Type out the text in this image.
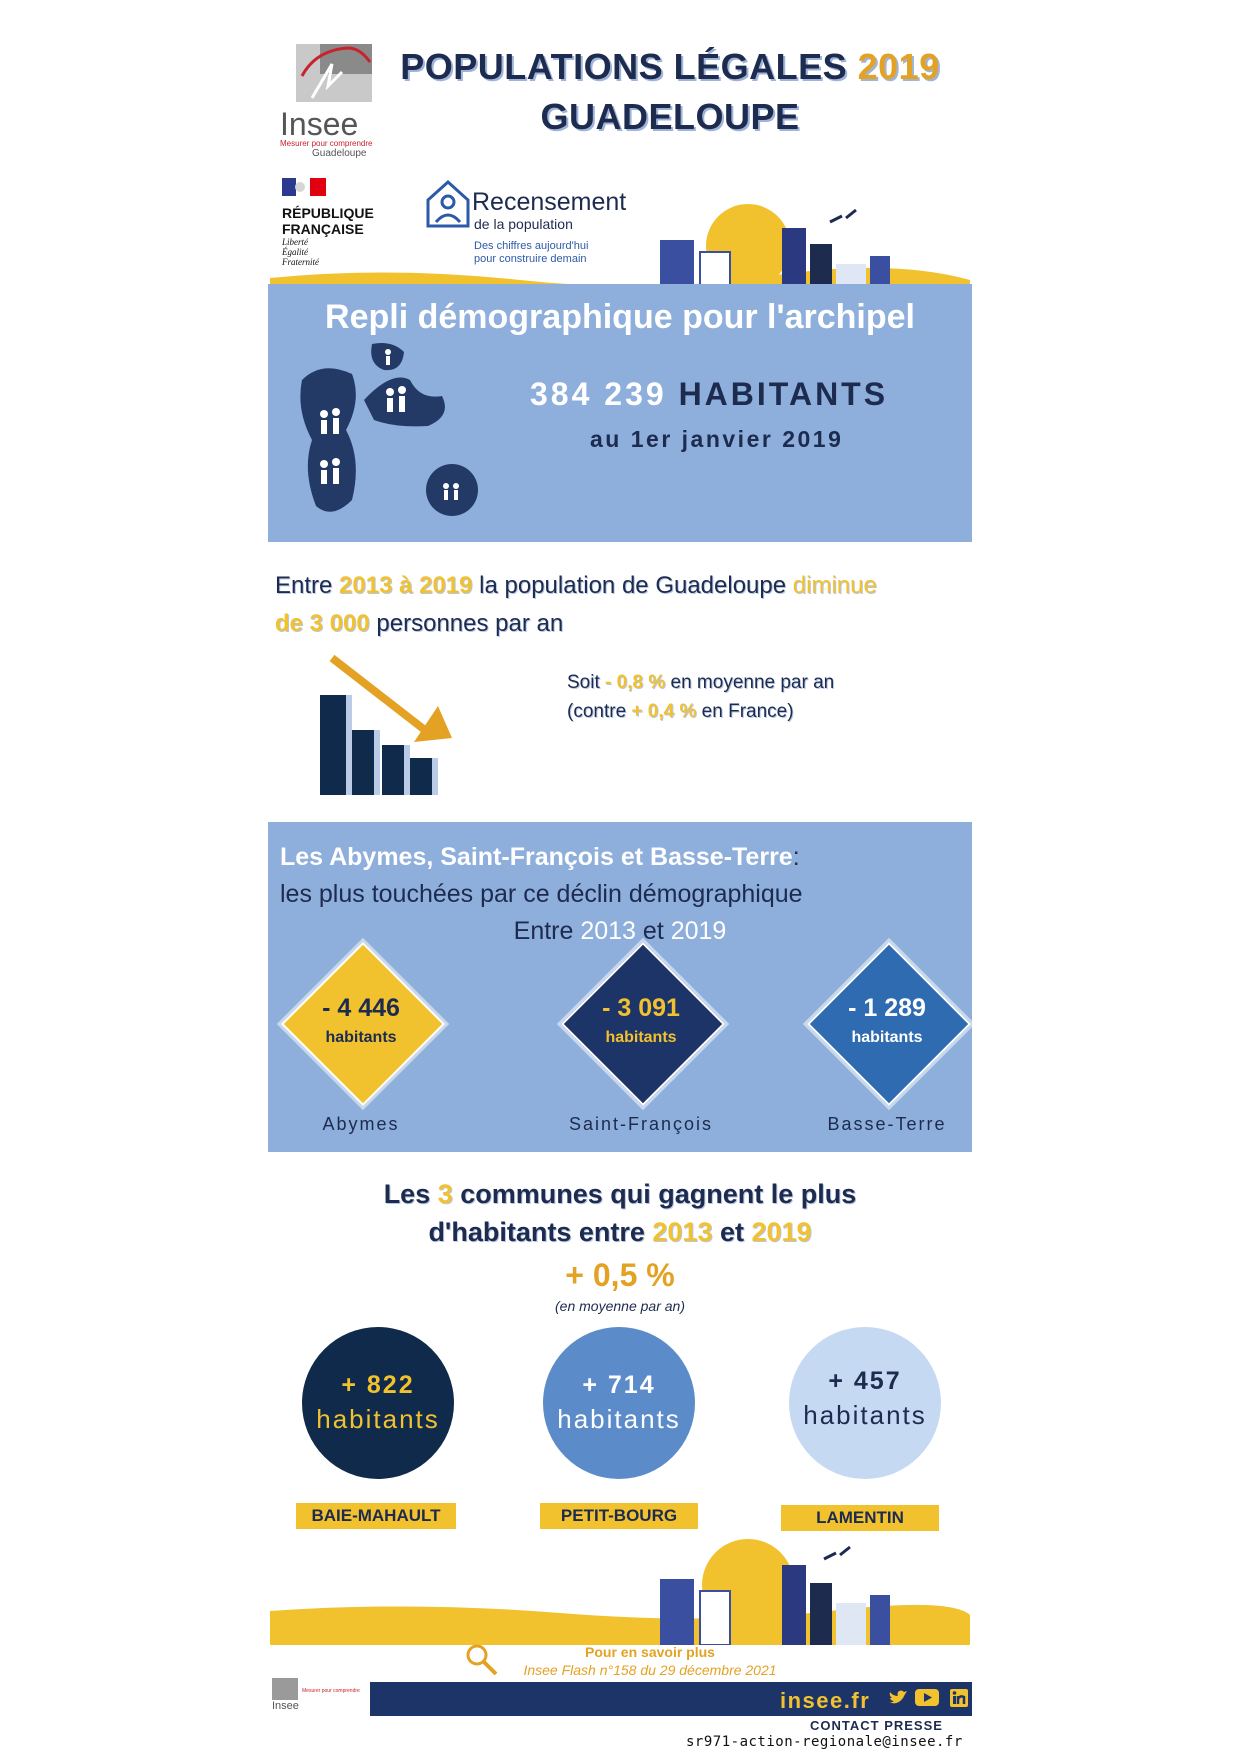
Insee
Mesurer pour comprendre
Guadeloupe
POPULATIONS LÉGALES 2019
GUADELOUPE
RÉPUBLIQUE
FRANÇAISE
Liberté
Égalité
Fraternité
Recensement
de la population
Des chiffres aujourd'hui
pour construire demain
Repli démographique pour l'archipel
384 239 HABITANTS
au 1er janvier 2019
Entre 2013 à 2019 la population de Guadeloupe diminue
de 3 000 personnes par an
Soit - 0,8 % en moyenne par an
(contre + 0,4 % en France)
Les Abymes, Saint-François et Basse-Terre:
les plus touchées par ce déclin démographique
Entre 2013 et 2019
- 4 446
habitants
Abymes
- 3 091
habitants
Saint-François
- 1 289
habitants
Basse-Terre
Les 3 communes qui gagnent le plus
d'habitants entre 2013 et 2019
+ 0,5 %
(en moyenne par an)
+ 822
habitants
BAIE-MAHAULT
+ 714
habitants
PETIT-BOURG
+ 457
habitants
LAMENTIN
Pour en savoir plus
Insee Flash n°158 du 29 décembre 2021
Insee
Mesurer pour comprendre	insee.fr
CONTACT PRESSE
sr971-action-regionale@insee.fr
